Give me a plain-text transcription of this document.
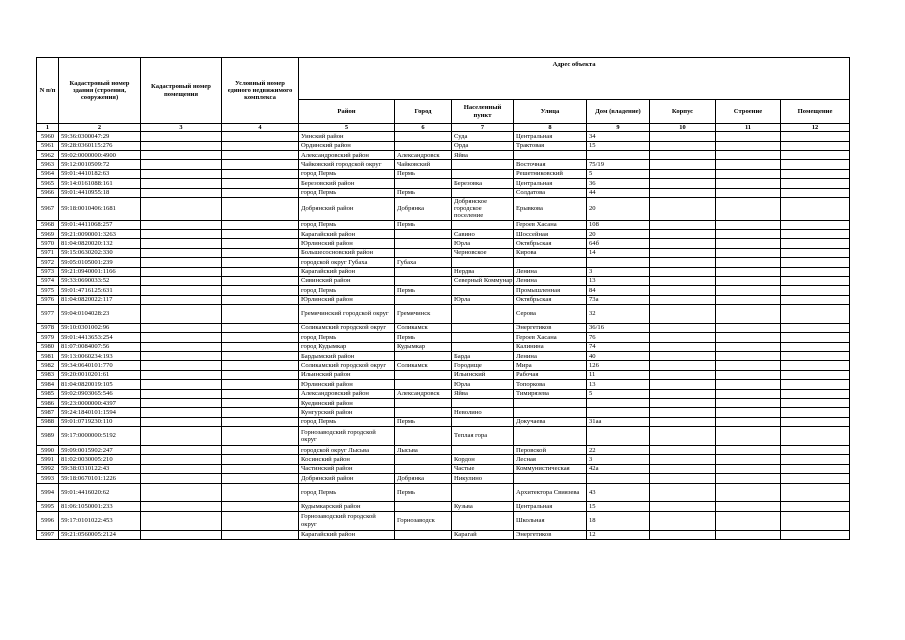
N п/п	Кадастровый номер здания (строения, сооружения)	Кадастровый номер помещения	Условный номер единого недвижимого комплекса	Адрес объекта							
				Район	Город	Населенный пункт	Улица	Дом (владение)	Корпус	Строение	Помещение
1	2	3	4	5	6	7	8	9	10	11	12
5960	59:36:0300047:29			Уинский район		Суда	Центральная	34			
5961	59:28:0360115:276			Ординский район		Орда	Трактовая	15			
5962	59:02:0000000:4900			Александровский район	Александровск	Яйва					
5963	59:12:0010509:72			Чайковский городской округ	Чайковский		Восточная	75/19			
5964	59:01:4410182:63			город Пермь	Пермь		Решетниковский	5			
5965	59:14:0161088:161			Березовский район		Березовка	Центральная	36			
5966	59:01:4410955:18			город Пермь	Пермь		Солдатова	44			
5967	59:18:0010406:1681			Добрянский район	Добрянка	Добрянское городское поселение	Ерывкова	20			
5968	59:01:4411068:257			город Пермь	Пермь		Героев Хасана	108			
5969	59:21:0090001:3263			Карагайский район		Савино	Шоссейная	20			
5970	81:04:0820020:132			Юрлинский район		Юрла	Октябрьская	64б			
5971	59:15:0630202:330			Большесосновский район		Черновское	Кирова	14			
5972	59:05:0105001:239			городской округ Губаха	Губаха						
5973	59:21:0940001:1166			Карагайский район		Нердва	Ленина	3			
5974	59:33:0690033:52			Сивинский район		Северный Коммунар	Ленина	13			
5975	59:01:4716125:631			город Пермь	Пермь		Промышленная	84			
5976	81:04:0820022:117			Юрлинский район		Юрла	Октябрьская	73а			
5977	59:04:0104028:23			Гремячинский городской округ	Гремячинск		Серова	32			
5978	59:10:0301002:96			Соликамский городской округ	Соликамск		Энергетиков	36/16			
5979	59:01:4413653:254			город Пермь	Пермь		Героев Хасана	76			
5980	81:07:0084007:56			город Кудымкар	Кудымкар		Калинина	74			
5981	59:13:0060234:193			Бардымский район		Барда	Ленина	40			
5982	59:34:0640101:770			Соликамский городской округ	Соликамск	Городище	Мира	126			
5983	59:20:0010201:61			Ильинский район		Ильинский	Рабочая	11			
5984	81:04:0820019:105			Юрлинский район		Юрла	Топоркова	13			
5985	59:02:0903065:546			Александровский район	Александровск	Яйва	Тимирязева	5			
5986	59:23:0000000:4397			Куединский район							
5987	59:24:1840101:1594			Кунгурский район		Неволино					
5988	59:01:0719230:110			город Пермь	Пермь		Докучаева	31аа			
5989	59:17:0000000:5192			Горнозаводский городской округ		Теплая гора					
5990	59:09:0015902:247			городской округ Лысьва	Лысьва		Перовской	22			
5991	81:02:0030005:210			Косинский район		Кордон	Лесная	3			
5992	59:38:0310122:43			Частинский район		Частые	Коммунистическая	42а			
5993	59:18:0670101:1226			Добрянский район	Добрянка	Никулино					
5994	59:01:4416020:62			город Пермь	Пермь		Архитектора Свиязева	43			
5995	81:06:1050001:233			Кудымкарский район		Кузьва	Центральная	15			
5996	59:17:0101022:453			Горнозаводский городской округ	Горнозаводск		Школьная	18			
5997	59:21:0560005:2124			Карагайский район		Карагай	Энергетиков	12			
